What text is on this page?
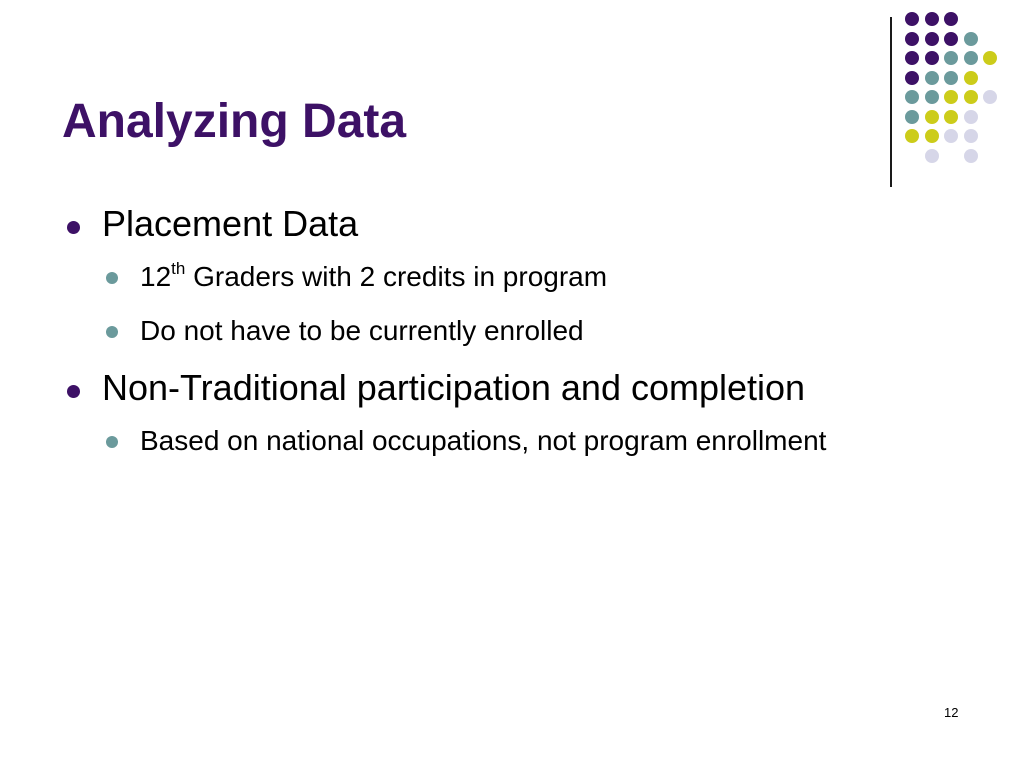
Analyzing Data
Placement Data
12th Graders with 2 credits in program
Do not have to be currently enrolled
Non-Traditional participation and completion
Based on national occupations, not program enrollment
12
